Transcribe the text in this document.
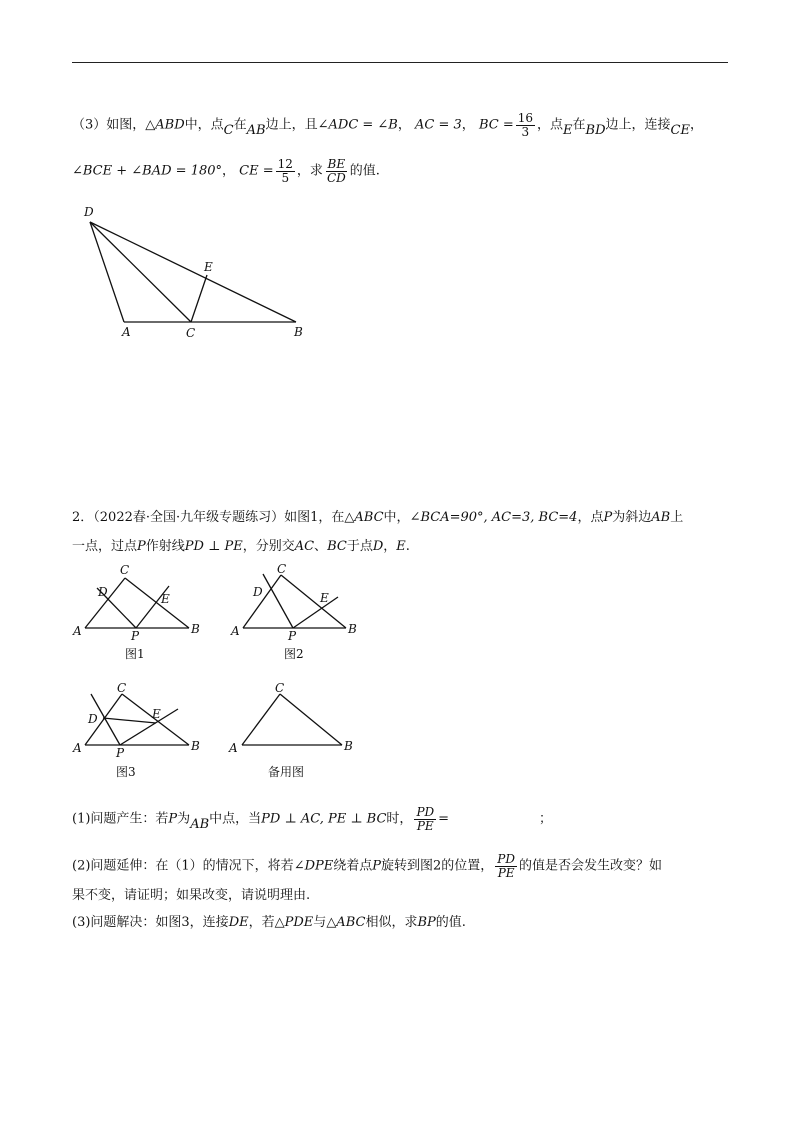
（3）如图，△ABD中，点C在AB边上，且∠ADC = ∠B， AC = 3， BC = $\frac{16}{3}$ ，点E在BD边上，连接CE，
∠BCE + ∠BAD = 180°， CE = $\frac{12}{5}$ ，求 $\frac{BE}{CD}$ 的值.
D
E
A	C	B
2．（2022春·全国·九年级专题练习）如图1，在△ABC中，∠BCA=90°, AC=3, BC=4，点P为斜边AB上
一点，过点P作射线PD ⊥ PE，分别交AC、BC于点D，E.
C
D	E
A	P	B
图1
C
D	E
A	P	B
图2
C
D	E
A	P	B
图3
C
A	B
备用图
(1)问题产生：若P为AB中点，当PD ⊥ AC, PE ⊥ BC时， $\frac{PD}{PE}$ =	；
(2)问题延伸：在（1）的情况下，将若∠DPE绕着点P旋转到图2的位置， $\frac{PD}{PE}$ 的值是否会发生改变？如
果不变，请证明；如果改变，请说明理由.
(3)问题解决：如图3，连接DE，若△PDE与△ABC相似，求BP的值.
